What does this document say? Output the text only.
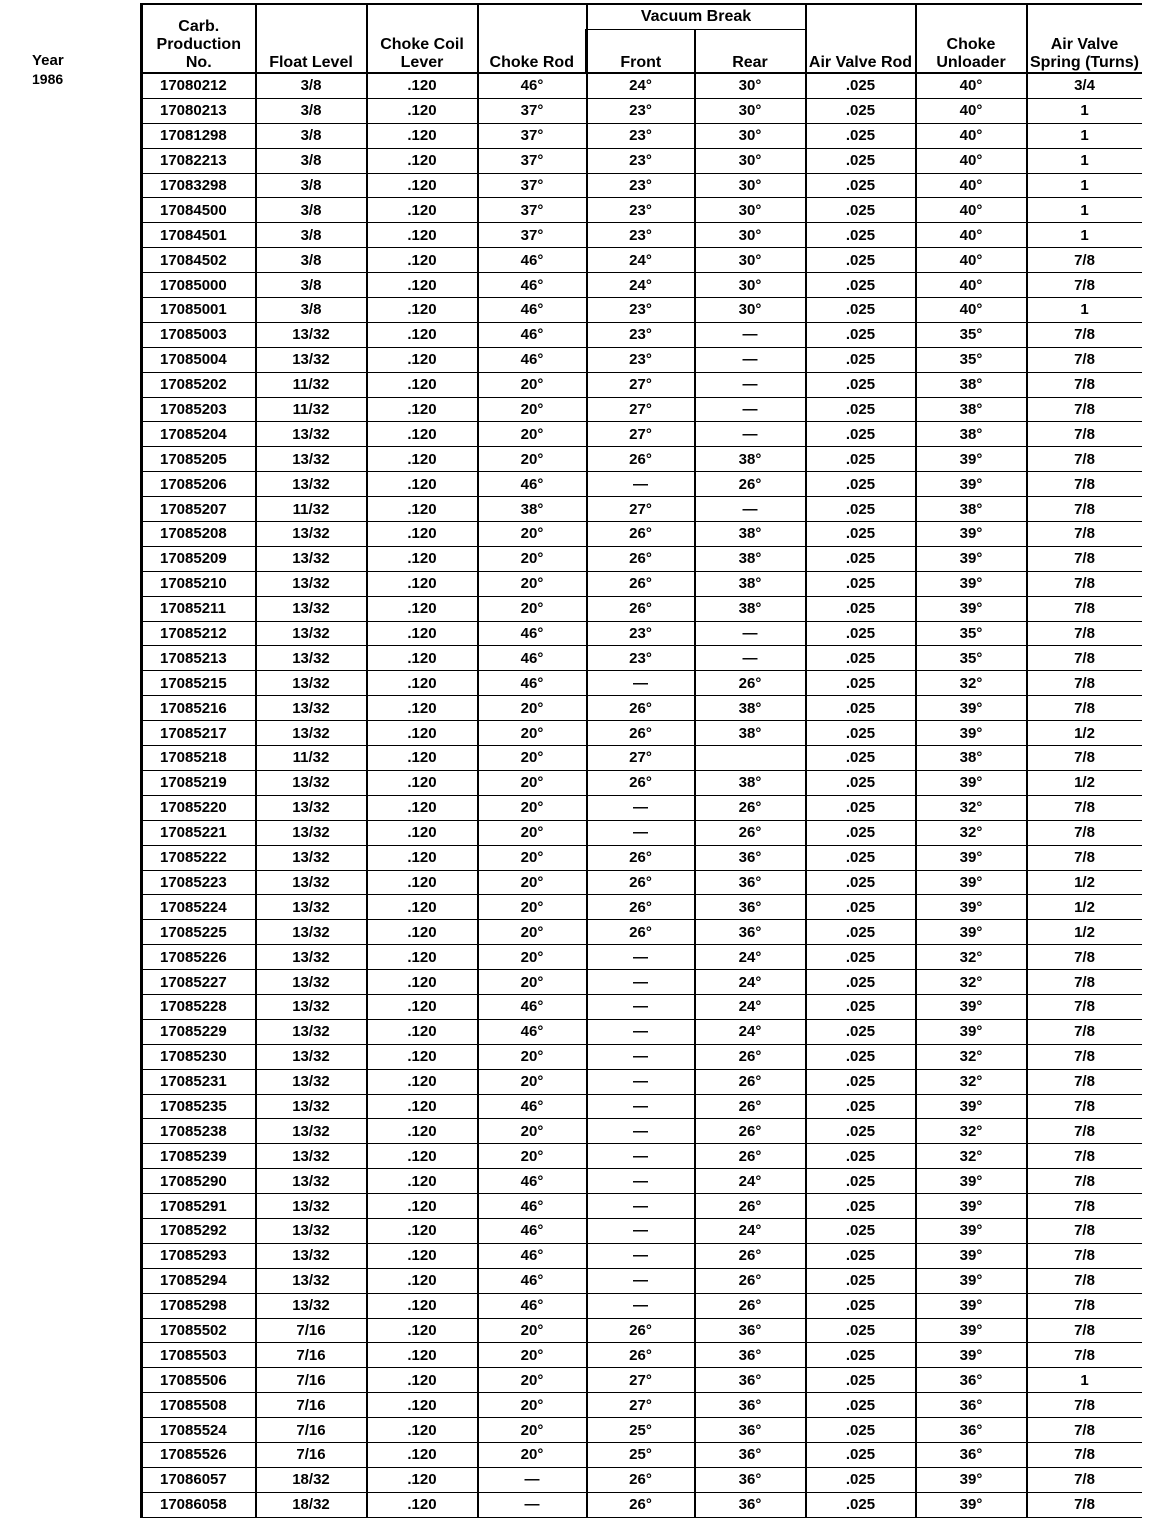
Year
1986
Carb. Production No.	Float Level	Choke Coil Lever	Choke Rod	Vacuum Break		Air Valve Rod	Choke Unloader	Air Valve Spring (Turns)
				Front	Rear			
17080212	3/8	.120	46°	24°	30°	.025	40°	3/4
17080213	3/8	.120	37°	23°	30°	.025	40°	1
17081298	3/8	.120	37°	23°	30°	.025	40°	1
17082213	3/8	.120	37°	23°	30°	.025	40°	1
17083298	3/8	.120	37°	23°	30°	.025	40°	1
17084500	3/8	.120	37°	23°	30°	.025	40°	1
17084501	3/8	.120	37°	23°	30°	.025	40°	1
17084502	3/8	.120	46°	24°	30°	.025	40°	7/8
17085000	3/8	.120	46°	24°	30°	.025	40°	7/8
17085001	3/8	.120	46°	23°	30°	.025	40°	1
17085003	13/32	.120	46°	23°	—	.025	35°	7/8
17085004	13/32	.120	46°	23°	—	.025	35°	7/8
17085202	11/32	.120	20°	27°	—	.025	38°	7/8
17085203	11/32	.120	20°	27°	—	.025	38°	7/8
17085204	13/32	.120	20°	27°	—	.025	38°	7/8
17085205	13/32	.120	20°	26°	38°	.025	39°	7/8
17085206	13/32	.120	46°	—	26°	.025	39°	7/8
17085207	11/32	.120	38°	27°	—	.025	38°	7/8
17085208	13/32	.120	20°	26°	38°	.025	39°	7/8
17085209	13/32	.120	20°	26°	38°	.025	39°	7/8
17085210	13/32	.120	20°	26°	38°	.025	39°	7/8
17085211	13/32	.120	20°	26°	38°	.025	39°	7/8
17085212	13/32	.120	46°	23°	—	.025	35°	7/8
17085213	13/32	.120	46°	23°	—	.025	35°	7/8
17085215	13/32	.120	46°	—	26°	.025	32°	7/8
17085216	13/32	.120	20°	26°	38°	.025	39°	7/8
17085217	13/32	.120	20°	26°	38°	.025	39°	1/2
17085218	11/32	.120	20°	27°		.025	38°	7/8
17085219	13/32	.120	20°	26°	38°	.025	39°	1/2
17085220	13/32	.120	20°	—	26°	.025	32°	7/8
17085221	13/32	.120	20°	—	26°	.025	32°	7/8
17085222	13/32	.120	20°	26°	36°	.025	39°	7/8
17085223	13/32	.120	20°	26°	36°	.025	39°	1/2
17085224	13/32	.120	20°	26°	36°	.025	39°	1/2
17085225	13/32	.120	20°	26°	36°	.025	39°	1/2
17085226	13/32	.120	20°	—	24°	.025	32°	7/8
17085227	13/32	.120	20°	—	24°	.025	32°	7/8
17085228	13/32	.120	46°	—	24°	.025	39°	7/8
17085229	13/32	.120	46°	—	24°	.025	39°	7/8
17085230	13/32	.120	20°	—	26°	.025	32°	7/8
17085231	13/32	.120	20°	—	26°	.025	32°	7/8
17085235	13/32	.120	46°	—	26°	.025	39°	7/8
17085238	13/32	.120	20°	—	26°	.025	32°	7/8
17085239	13/32	.120	20°	—	26°	.025	32°	7/8
17085290	13/32	.120	46°	—	24°	.025	39°	7/8
17085291	13/32	.120	46°	—	26°	.025	39°	7/8
17085292	13/32	.120	46°	—	24°	.025	39°	7/8
17085293	13/32	.120	46°	—	26°	.025	39°	7/8
17085294	13/32	.120	46°	—	26°	.025	39°	7/8
17085298	13/32	.120	46°	—	26°	.025	39°	7/8
17085502	7/16	.120	20°	26°	36°	.025	39°	7/8
17085503	7/16	.120	20°	26°	36°	.025	39°	7/8
17085506	7/16	.120	20°	27°	36°	.025	36°	1
17085508	7/16	.120	20°	27°	36°	.025	36°	7/8
17085524	7/16	.120	20°	25°	36°	.025	36°	7/8
17085526	7/16	.120	20°	25°	36°	.025	36°	7/8
17086057	18/32	.120	—	26°	36°	.025	39°	7/8
17086058	18/32	.120	—	26°	36°	.025	39°	7/8
